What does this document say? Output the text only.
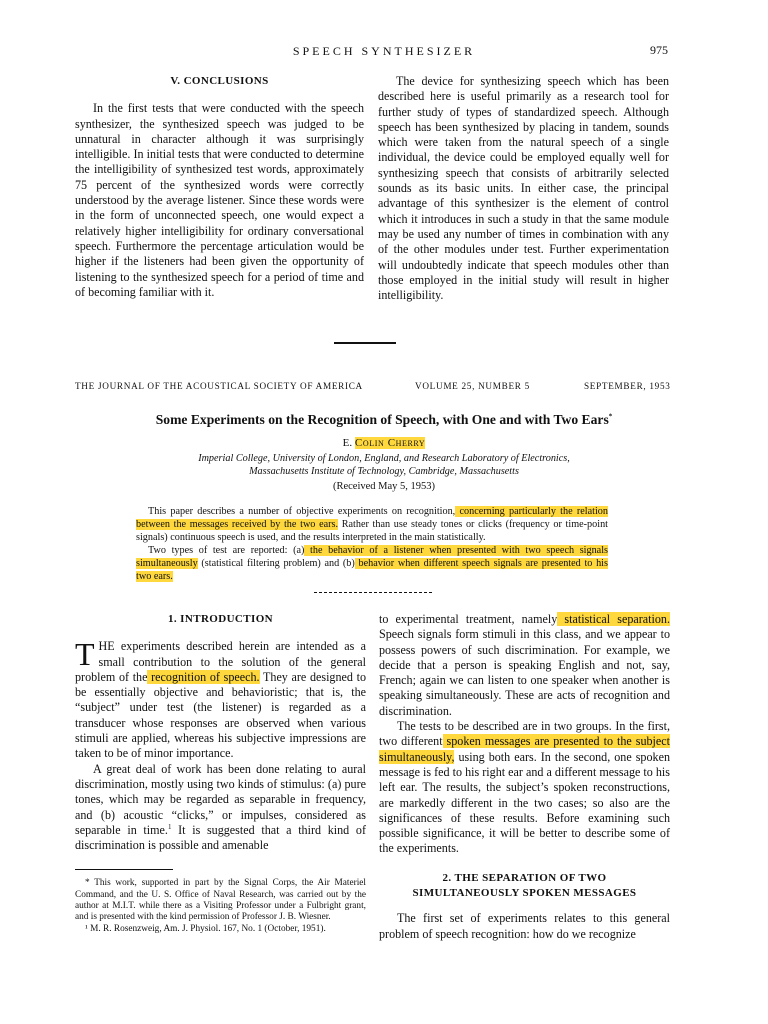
SPEECH SYNTHESIZER	975
V. CONCLUSIONS

In the first tests that were conducted with the speech synthesizer, the synthesized speech was judged to be unnatural in character although it was surprisingly intelligible. In initial tests that were conducted to determine the intelligibility of synthesized test words, approximately 75 percent of the synthesized words were correctly understood by the average listener. Since these words were in the form of unconnected speech, one would expect a relatively higher intelligibility for ordinary conversational speech. Furthermore the percentage articulation would be higher if the listeners had been given the opportunity of listening to the synthesized speech for a period of time and of becoming familiar with it.

The device for synthesizing speech which has been described here is useful primarily as a research tool for further study of types of standardized speech. Although speech has been synthesized by placing in tandem, sounds which were taken from the natural speech of a single individual, the device could be employed equally well for synthesizing speech that consists of arbitrarily selected sounds as its basic units. In either case, the principal advantage of this synthesizer is the element of control which it introduces in such a study in that the same module may be used any number of times in combination with any of the other modules under test. Further experimentation will undoubtedly indicate that speech modules other than those employed in the initial study will result in higher intelligibility.

THE JOURNAL OF THE ACOUSTICAL SOCIETY OF AMERICA	VOLUME 25, NUMBER 5	SEPTEMBER, 1953
Some Experiments on the Recognition of Speech, with One and with Two Ears*
E. Colin Cherry
Imperial College, University of London, England, and Research Laboratory of Electronics,
Massachusetts Institute of Technology, Cambridge, Massachusetts
(Received May 5, 1953)

This paper describes a number of objective experiments on recognition, concerning particularly the relation between the messages received by the two ears. Rather than use steady tones or clicks (frequency or time-point signals) continuous speech is used, and the results interpreted in the main statistically.

Two types of test are reported: (a) the behavior of a listener when presented with two speech signals simultaneously (statistical filtering problem) and (b) behavior when different speech signals are presented to his two ears.

1. INTRODUCTION

THE experiments described herein are intended as a small contribution to the solution of the general problem of the recognition of speech. They are designed to be essentially objective and behavioristic; that is, the “subject” under test (the listener) is regarded as a transducer whose responses are observed when various stimuli are applied, whereas his subjective impressions are taken to be of minor importance.

A great deal of work has been done relating to aural discrimination, mostly using two kinds of stimulus: (a) pure tones, which may be regarded as separable in frequency, and (b) acoustic “clicks,” or impulses, considered as separable in time.$^1$ It is suggested that a third kind of discrimination is possible and amenable

* This work, supported in part by the Signal Corps, the Air Materiel Command, and the U. S. Office of Naval Research, was carried out by the author at M.I.T. while there as a Visiting Professor under a Fulbright grant, and is presented with the kind permission of Professor J. B. Wiesner.

¹ M. R. Rosenzweig, Am. J. Physiol. 167, No. 1 (October, 1951).

to experimental treatment, namely statistical separation. Speech signals form stimuli in this class, and we appear to possess powers of such discrimination. For example, we decide that a person is speaking English and not, say, French; again we can listen to one speaker when another is speaking simultaneously. These are acts of recognition and discrimination.

The tests to be described are in two groups. In the first, two different spoken messages are presented to the subject simultaneously, using both ears. In the second, one spoken message is fed to his right ear and a different message to his left ear. The results, the subject’s spoken reconstructions, are markedly different in the two cases; so also are the significances of these results. Before examining such possible significance, it will be better to describe some of the experiments.

2. THE SEPARATION OF TWO SIMULTANEOUSLY SPOKEN MESSAGES

The first set of experiments relates to this general problem of speech recognition: how do we recognize
